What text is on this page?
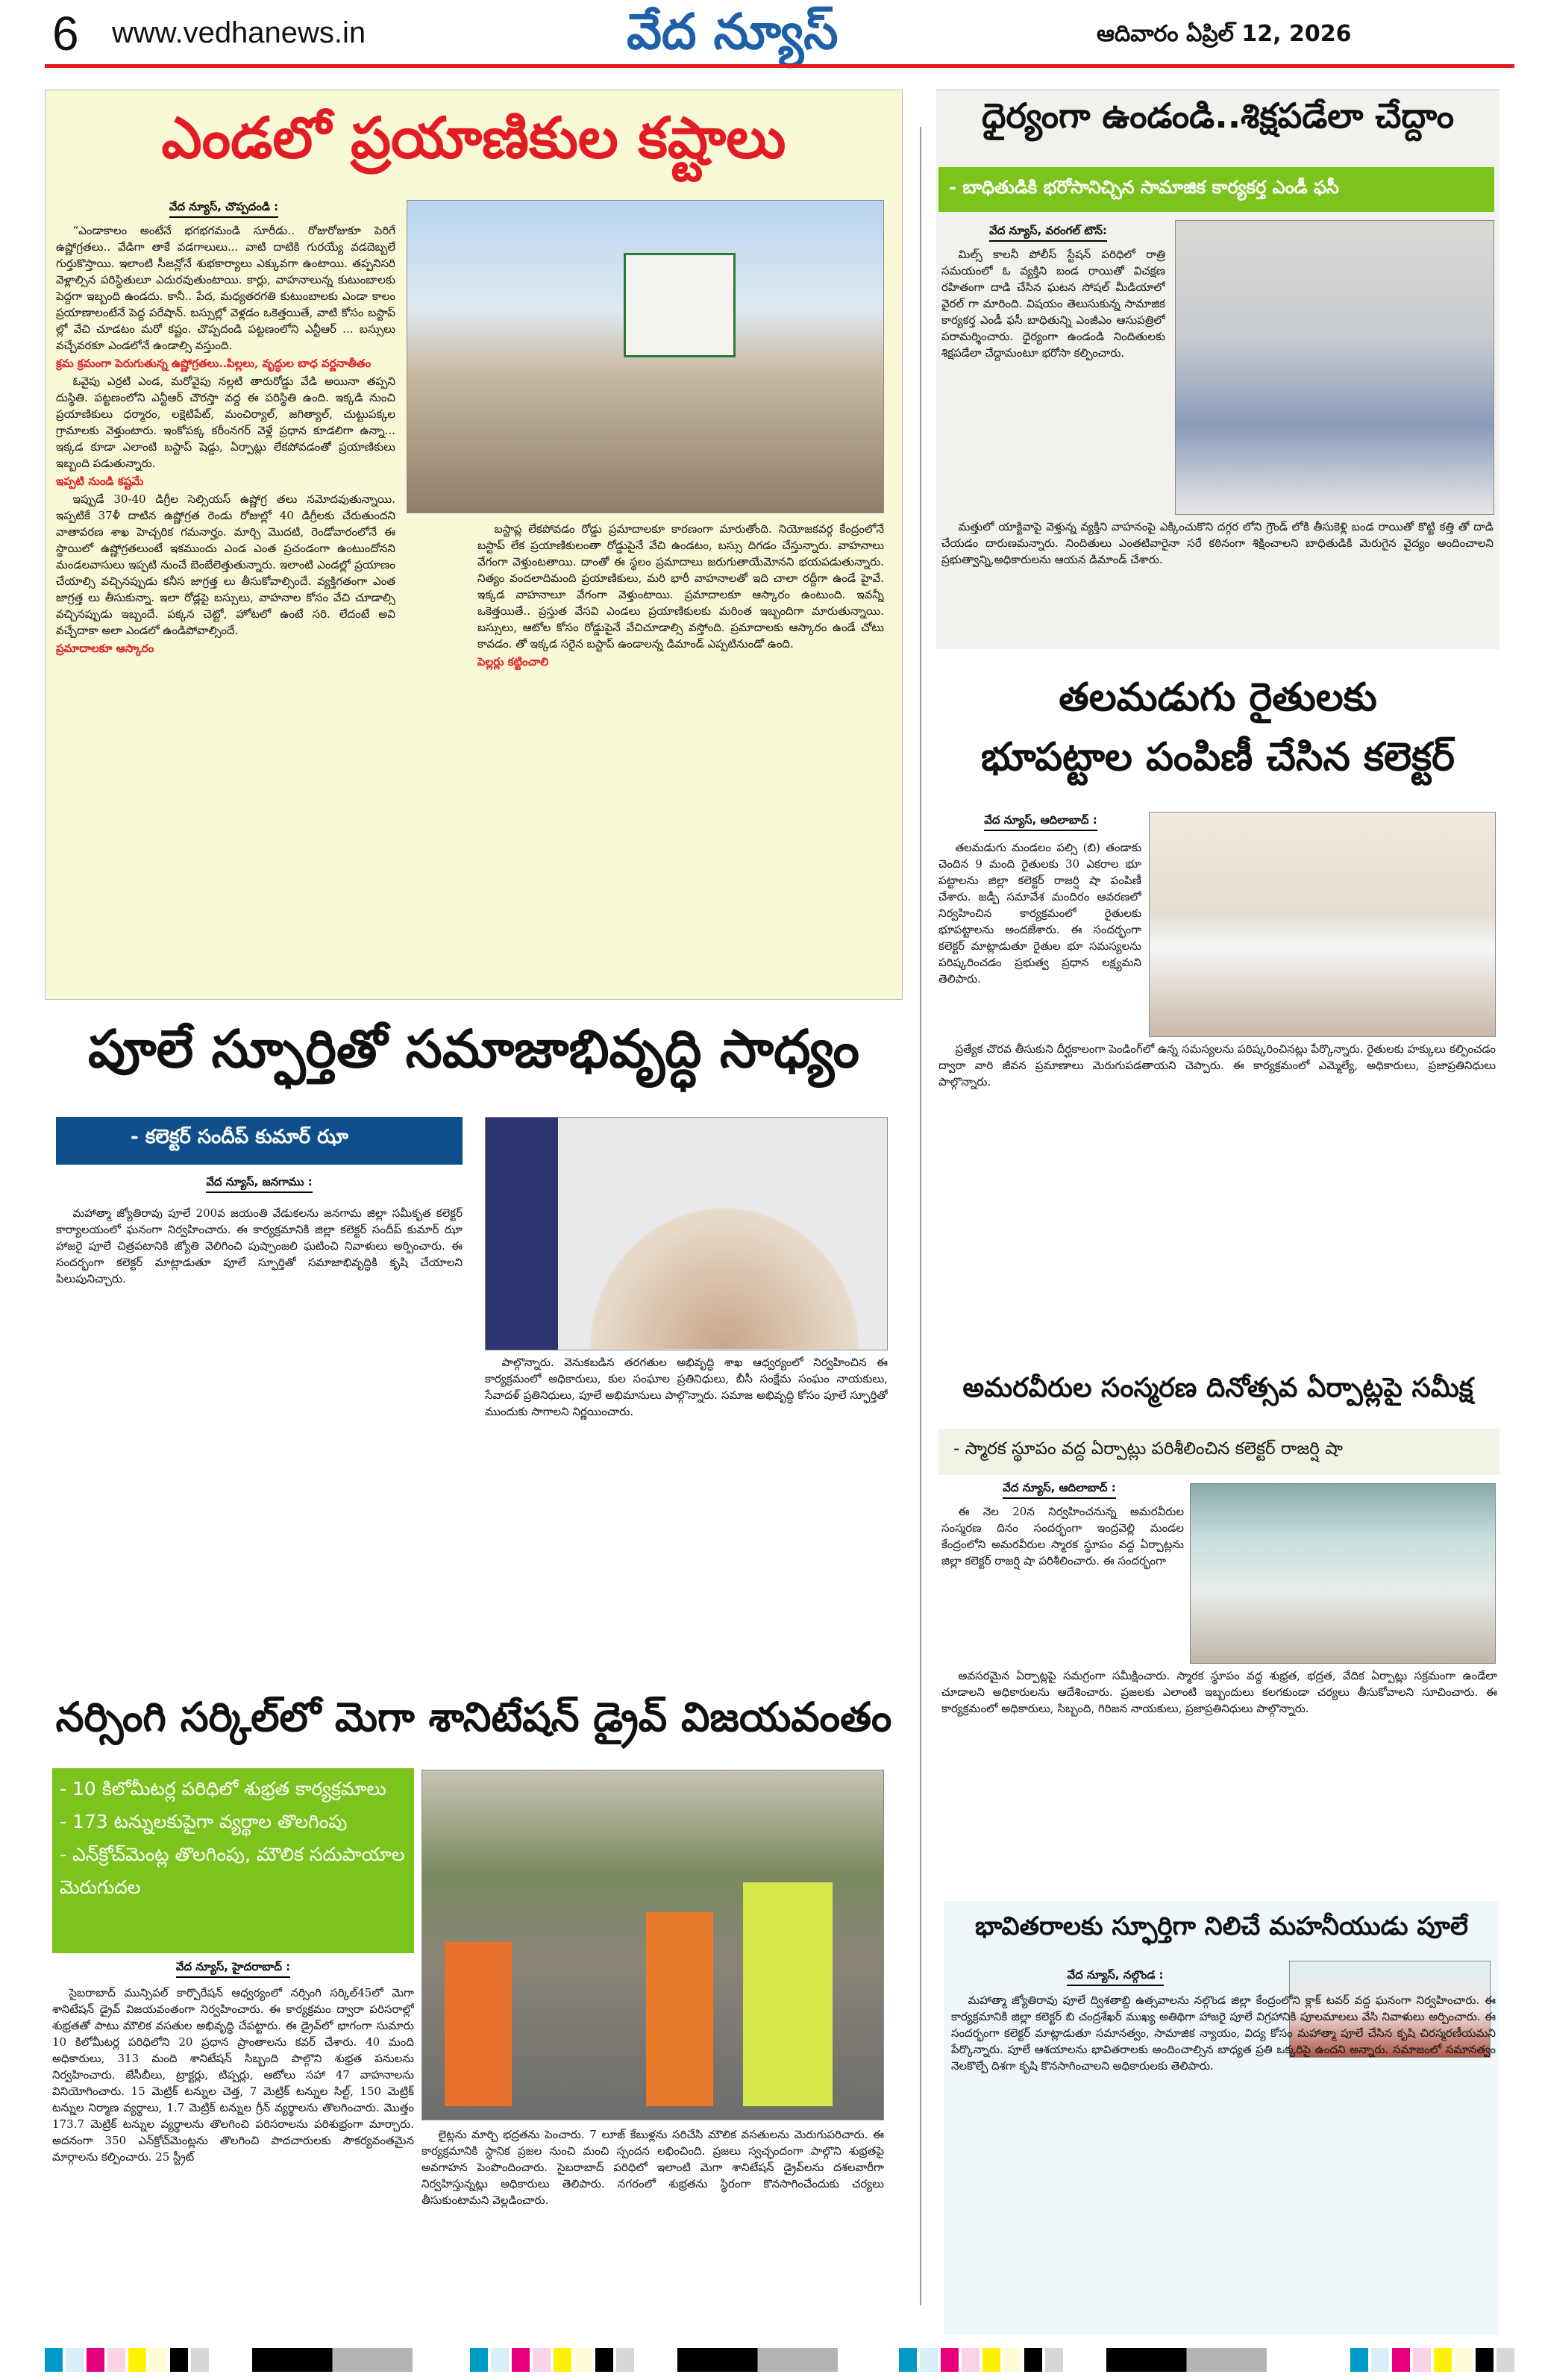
6 www.vedhanews.in	వేద న్యూస్	ఆదివారం ఏప్రిల్ 12, 2026
ఎండలో ప్రయాణికుల కష్టాలు
వేద న్యూస్, చొప్పదండి :

“ఎండాకాలం అంటేనే భగభగమండి సూరీడు.. రోజురోజుకూ పెరిగే ఉష్ణోగ్రతలు.. వేడిగా తాకే వడగాలులు... వాటి దాటికి గురయ్యే వడదెబ్బలే గుర్తుకొస్తాయి. ఇలాంటి సీజన్లోనే శుభకార్యాలు ఎక్కువగా ఉంటాయి. తప్పనిసరి వెళ్లాల్సిన పరిస్థితులూ ఎదురవుతుంటాయి. కార్లు, వాహనాలున్న కుటుంబాలకు పెద్దగా ఇబ్బంది ఉండదు. కానీ.. పేద, మధ్యతరగతి కుటుంబాలకు ఎండా కాలం ప్రయాణాలంటేనే పెద్ద పరేషాన్. బస్సుల్లో వెళ్లడం ఒకెత్తయితే, వాటి కోసం బస్టాప్ ల్లో వేచి చూడటం మరో కష్టం. చొప్పదండి పట్టణంలోని ఎన్టీఆర్ ... బస్సులు వచ్చేవరకూ ఎండలోనే ఉండాల్సి వస్తుంది.

క్రమ క్రమంగా పెరుగుతున్న ఉష్ణోగ్రతలు..పిల్లలు, వృద్ధుల బాధ వర్ణనాతీతం

ఓవైపు ఎర్రటి ఎండ, మరోవైపు నల్లటి తారురోడ్డు వేడి అయినా తప్పని దుస్థితి. పట్టణంలోని ఎన్టీఆర్ చౌరస్తా వద్ద ఈ పరిస్థితి ఉంది. ఇక్కడి నుంచి ప్రయాణికులు ధర్మారం, లక్షెటిపేట్, మంచిర్యాల్, జగిత్యాల్, చుట్టుపక్కల గ్రామాలకు వెళ్తుంటారు. ఇంకోపక్క కరీంనగర్ వెళ్లే ప్రధాన కూడలిగా ఉన్నా... ఇక్కడ కూడా ఎలాంటి బస్టాప్ షెడ్డు, ఏర్పాట్లు లేకపోవడంతో ప్రయాణికులు ఇబ్బంది పడుతున్నారు.

ఇప్పటి నుండి కష్టమే

ఇప్పుడే 30-40 డిగ్రీల సెల్సియస్ ఉష్ణోగ్ర తలు నమోదవుతున్నాయి. ఇప్పటికే 37ళీ దాటిన ఉష్ణోగ్రత రెండు రోజుల్లో 40 డిగ్రీలకు చేరుతుందని వాతావరణ శాఖ హెచ్చరిక గమనార్హం. మార్చి మొదటి, రెండోవారంలోనే ఈ స్థాయిలో ఉష్ణోగ్రతలుంటే ఇకముందు ఎండ ఎంత ప్రచండంగా ఉంటుందోనని మండలవాసులు ఇప్పటి నుంచే బెంబేలెత్తుతున్నారు. ఇలాంటి ఎండల్లో ప్రయాణం చేయాల్సి వచ్చినప్పుడు కనీస జాగ్రత్త లు తీసుకోవాల్సిందే. వ్యక్తిగతంగా ఎంత జాగ్రత్త లు తీసుకున్నా. ఇలా రోడ్లపై బస్సులు, వాహనాల కోసం వేచి చూడాల్సి వచ్చినప్పుడు ఇబ్బందే. పక్కన చెట్టో, హోటలో ఉంటే సరి. లేదంటే అవి వచ్చేదాకా అలా ఎండలో ఉండిపోవాల్సిందే.

ప్రమాదాలకూ ఆస్కారం

బస్టాప్ల లేకపోవడం రోడ్డు ప్రమాదాలకూ కారణంగా మారుతోంది. నియోజకవర్గ కేంద్రంలోనే బస్టాప్ లేక ప్రయాణికులంతా రోడ్డుపైనే వేచి ఉండటం, బస్సు దిగడం చేస్తున్నారు. వాహనాలు వేగంగా వెళ్తుంటతాయి. దాంతో ఈ స్థలం ప్రమాదాలు జరుగుతాయేమోనని భయపడుతున్నారు. నిత్యం వందలాదిమంది ప్రయాణికులు, మరి భారీ వాహనాలతో ఇది చాలా రద్దీగా ఉండే హైవే. ఇక్కడ వాహనాలూ వేగంగా వెళ్తుంటాయి. ప్రమాదాలకూ ఆస్కారం ఉంటుంది. ఇవన్నీ ఒకెత్తయితే.. ప్రస్తుత వేసవి ఎండలు ప్రయాణికులకు మరింత ఇబ్బందిగా మారుతున్నాయి. బస్సులు, ఆటోల కోసం రోడ్డుపైనే వేచిచూడాల్సి వస్తోంది. ప్రమాదాలకు ఆస్కారం ఉండే చోటు కావడం. తో ఇక్కడ సరైన బస్టాప్ ఉండాలన్న డిమాండ్ ఎప్పటినుండో ఉంది.

పెల్లర్లు కట్టించాలి
పూలే స్ఫూర్తితో సమాజాభివృద్ధి సాధ్యం
- కలెక్టర్ సందీప్ కుమార్ ఝా
వేద న్యూస్, జనగాము :

మహాత్మా జ్యోతిరావు పూలే 200వ జయంతి వేడుకలను జనగామ జిల్లా సమీకృత కలెక్టర్ కార్యాలయంలో ఘనంగా నిర్వహించారు. ఈ కార్యక్రమానికి జిల్లా కలెక్టర్ సందీప్ కుమార్ ఝా హాజరై పూలే చిత్రపటానికి జ్యోతి వెలిగించి పుష్పాంజలి ఘటించి నివాళులు అర్పించారు. ఈ సందర్భంగా కలెక్టర్ మాట్లాడుతూ పూలే స్ఫూర్తితో సమాజాభివృద్ధికి కృషి చేయాలని పిలుపునిచ్చారు.

పాల్గొన్నారు. వెనుకబడిన తరగతుల అభివృద్ధి శాఖ ఆధ్వర్యంలో నిర్వహించిన ఈ కార్యక్రమంలో అధికారులు, కుల సంఘాల ప్రతినిధులు, బీసీ సంక్షేమ సంఘం నాయకులు, సేవాదళ్ ప్రతినిధులు, పూలే అభిమానులు పాల్గొన్నారు. సమాజ అభివృద్ధి కోసం పూలే స్ఫూర్తితో ముందుకు సాగాలని నిర్ణయించారు.

నర్సింగి సర్కిల్‌లో మెగా శానిటేషన్ డ్రైవ్ విజయవంతం
- 10 కిలోమీటర్ల పరిధిలో శుభ్రత కార్యక్రమాలు
- 173 టన్నులకుపైగా వ్యర్థాల తొలగింపు
- ఎన్‌క్రోచ్‌మెంట్ల తొలగింపు, మౌలిక సదుపాయాల మెరుగుదల
వేద న్యూస్, హైదరాబాద్ :

సైబరాబాద్ మున్సిపల్ కార్పొరేషన్ ఆధ్వర్యంలో నర్సింగి సర్కిల్45లో మెగా శానిటేషన్ డ్రైవ్ విజయవంతంగా నిర్వహించారు. ఈ కార్యక్రమం ద్వారా పరిసరాల్లో శుభ్రతతో పాటు మౌలిక వసతుల అభివృద్ధి చేపట్టారు. ఈ డ్రైవ్‌లో భాగంగా సుమారు 10 కిలోమీటర్ల పరిధిలోని 20 ప్రధాన ప్రాంతాలను కవర్ చేశారు. 40 మంది అధికారులు, 313 మంది శానిటేషన్ సిబ్బంది పాల్గొని శుభ్రత పనులను నిర్వహించారు. జేసీబీలు, ట్రాక్టర్లు, టిప్పర్లు, ఆటోలు సహా 47 వాహనాలను వినియోగించారు. 15 మెట్రిక్ టన్నుల చెత్త, 7 మెట్రిక్ టన్నుల సిల్ట్, 150 మెట్రిక్ టన్నుల నిర్మాణ వ్యర్థాలు, 1.7 మెట్రిక్ టన్నుల గ్రీన్ వ్యర్థాలను తొలగించారు. మొత్తం 173.7 మెట్రిక్ టన్నుల వ్యర్థాలను తొలగించి పరిసరాలను పరిశుభ్రంగా మార్చారు. అదనంగా 350 ఎన్‌క్రోచ్‌మెంట్లను తొలగించి పాదచారులకు సౌకర్యవంతమైన మార్గాలను కల్పించారు. 25 స్ట్రీట్

లైట్లను మార్చి భద్రతను పెంచారు. 7 లూజ్ కేబుళ్లను సరిచేసి మౌలిక వసతులను మెరుగుపరిచారు. ఈ కార్యక్రమానికి స్థానిక ప్రజల నుంచి మంచి స్పందన లభించింది. ప్రజలు స్వచ్ఛందంగా పాల్గొని శుభ్రతపై అవగాహన పెంపొందించారు. సైబరాబాద్ పరిధిలో ఇలాంటి మెగా శానిటేషన్ డ్రైవ్‌లను దశలవారీగా నిర్వహిస్తున్నట్లు అధికారులు తెలిపారు. నగరంలో శుభ్రతను స్థిరంగా కొనసాగించేందుకు చర్యలు తీసుకుంటామని వెల్లడించారు.

ధైర్యంగా ఉండండి..శిక్షపడేలా చేద్దాం
- బాధితుడికి భరోసానిచ్చిన సామాజిక కార్యకర్త ఎండీ ఫసీ
వేద న్యూస్, వరంగల్ టౌన్:

మిల్స్ కాలనీ పోలీస్ స్టేషన్ పరిధిలో రాత్రి సమయంలో ఓ వ్యక్తిని బండ రాయితో విచక్షణ రహితంగా దాడి చేసిన ఘటన సోషల్ మీడియాలో వైరల్ గా మారింది. విషయం తెలుసుకున్న సామాజిక కార్యకర్త ఎండీ ఫసీ బాధితున్ని ఎంజీఎం ఆసుపత్రిలో పరామర్శించారు. ధైర్యంగా ఉండండి నిందితులకు శిక్షపడేలా చేద్దామంటూ భరోసా కల్పించారు.

మత్తులో యాక్టివాపై వెళ్తున్న వ్యక్తిని వాహనంపై ఎక్కించుకొని దగ్గర లోని గ్రౌండ్ లోకి తీసుకెళ్లి బండ రాయితో కొట్టి కత్తి తో దాడి చేయడం దారుణమన్నారు. నిందితులు ఎంతటివారైనా సరే కఠినంగా శిక్షించాలని బాధితుడికి మెరుగైన వైద్యం అందించాలని ప్రభుత్వాన్ని,అధికారులను ఆయన డిమాండ్ చేశారు.

తలమడుగు రైతులకు
భూపట్టాల పంపిణీ చేసిన కలెక్టర్
వేద న్యూస్, ఆదిలాబాద్ :

తలమడుగు మండలం పల్సి (బి) తండాకు చెందిన 9 మంది రైతులకు 30 ఎకరాల భూ పట్టాలను జిల్లా కలెక్టర్ రాజర్షి షా పంపిణీ చేశారు. జడ్పీ సమావేశ మందిరం ఆవరణలో నిర్వహించిన కార్యక్రమంలో రైతులకు భూపట్టాలను అందజేశారు. ఈ సందర్భంగా కలెక్టర్ మాట్లాడుతూ రైతుల భూ సమస్యలను పరిష్కరించడం ప్రభుత్వ ప్రధాన లక్ష్యమని తెలిపారు.

ప్రత్యేక చొరవ తీసుకుని దీర్ఘకాలంగా పెండింగ్‌లో ఉన్న సమస్యలను పరిష్కరించినట్లు పేర్కొన్నారు. రైతులకు హక్కులు కల్పించడం ద్వారా వారి జీవన ప్రమాణాలు మెరుగుపడతాయని చెప్పారు. ఈ కార్యక్రమంలో ఎమ్మెల్యే, అధికారులు, ప్రజాప్రతినిధులు పాల్గొన్నారు.

అమరవీరుల సంస్మరణ దినోత్సవ ఏర్పాట్లపై సమీక్ష
- స్మారక స్థూపం వద్ద ఏర్పాట్లు పరిశీలించిన కలెక్టర్ రాజర్షి షా
వేద న్యూస్, ఆదిలాబాద్ :

ఈ నెల 20న నిర్వహించనున్న అమరవీరుల సంస్మరణ దినం సందర్భంగా ఇంద్రవెల్లి మండల కేంద్రంలోని అమరవీరుల స్మారక స్థూపం వద్ద ఏర్పాట్లను జిల్లా కలెక్టర్ రాజర్షి షా పరిశీలించారు. ఈ సందర్భంగా

అవసరమైన ఏర్పాట్లపై సమగ్రంగా సమీక్షించారు. స్మారక స్థూపం వద్ద శుభ్రత, భద్రత, వేదిక ఏర్పాట్లు సక్రమంగా ఉండేలా చూడాలని అధికారులను ఆదేశించారు. ప్రజలకు ఎలాంటి ఇబ్బందులు కలగకుండా చర్యలు తీసుకోవాలని సూచించారు. ఈ కార్యక్రమంలో అధికారులు, సిబ్బంది, గిరిజన నాయకులు, ప్రజాప్రతినిధులు పాల్గొన్నారు.

భావితరాలకు స్ఫూర్తిగా నిలిచే మహనీయుడు పూలే
వేద న్యూస్, నల్గొండ :

మహాత్మా జ్యోతిరావు పూలే ద్విశతాబ్ది ఉత్సవాలను నల్గొండ జిల్లా కేంద్రంలోని క్లాక్ టవర్ వద్ద ఘనంగా నిర్వహించారు. ఈ కార్యక్రమానికి జిల్లా కలెక్టర్ బి చంద్రశేఖర్ ముఖ్య అతిథిగా హాజరై పూలే విగ్రహానికి పూలమాలలు వేసి నివాళులు అర్పించారు. ఈ సందర్భంగా కలెక్టర్ మాట్లాడుతూ సమానత్వం, సామాజిక న్యాయం, విద్య కోసం మహాత్మా పూలే చేసిన కృషి చిరస్మరణీయమని పేర్కొన్నారు. పూలే ఆశయాలను భావితరాలకు అందించాల్సిన బాధ్యత ప్రతి ఒక్కరిపై ఉందని అన్నారు. సమాజంలో సమానత్వం నెలకొల్పే దిశగా కృషి కొనసాగించాలని అధికారులకు తెలిపారు.
